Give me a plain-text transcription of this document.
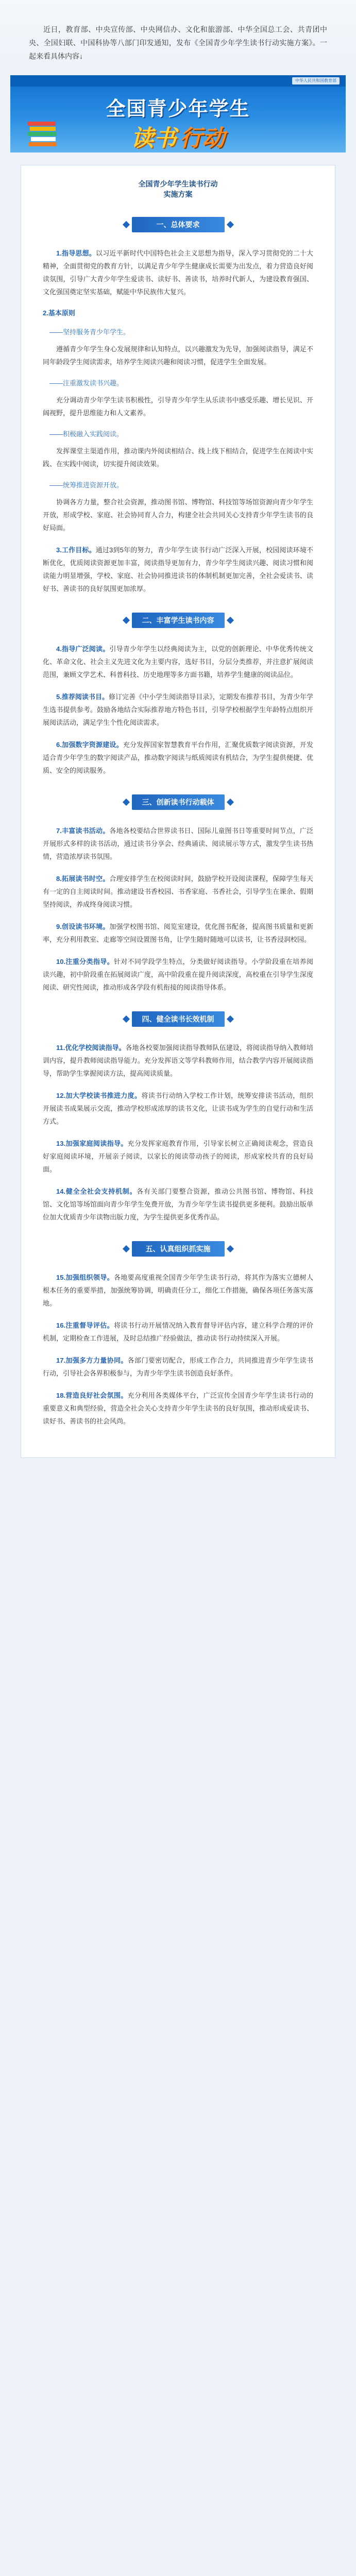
近日，教育部、中央宣传部、中央网信办、文化和旅游部、中华全国总工会、共青团中央、全国妇联、中国科协等八部门印发通知，发布《全国青少年学生读书行动实施方案》。一起来看具体内容↓

中华人民共和国教育部
全国青少年学生
读书 行动
全国青少年学生读书行动
实施方案
一、总体要求

1.指导思想。以习近平新时代中国特色社会主义思想为指导，深入学习贯彻党的二十大精神，全面贯彻党的教育方针，以满足青少年学生健康成长需要为出发点，着力营造良好阅读氛围，引导广大青少年学生爱读书、读好书、善读书，培养时代新人，为建设教育强国、文化强国奠定坚实基础，赋能中华民族伟大复兴。

2.基本原则
——坚持服务青少年学生。

遵循青少年学生身心发展规律和认知特点，以兴趣激发为先导，加强阅读指导，满足不同年龄段学生阅读需求，培养学生阅读兴趣和阅读习惯，促进学生全面发展。

——注重激发读书兴趣。

充分调动青少年学生读书积极性，引导青少年学生从乐读书中感受乐趣、增长见识、开阔视野，提升思维能力和人文素养。

——积极融入实践阅读。

发挥课堂主渠道作用，推动课内外阅读相结合、线上线下相结合，促进学生在阅读中实践、在实践中阅读，切实提升阅读效果。

——统筹推进资源开放。

协调各方力量，整合社会资源，推动图书馆、博物馆、科技馆等场馆资源向青少年学生开放，形成学校、家庭、社会协同育人合力，构建全社会共同关心支持青少年学生读书的良好局面。

3.工作目标。通过3到5年的努力，青少年学生读书行动广泛深入开展，校园阅读环境不断优化，优质阅读资源更加丰富，阅读指导更加有力，青少年学生阅读兴趣、阅读习惯和阅读能力明显增强，学校、家庭、社会协同推进读书的体制机制更加完善，全社会爱读书、读好书、善读书的良好氛围更加浓厚。

二、丰富学生读书内容

4.指导广泛阅读。引导青少年学生以经典阅读为主，以党的创新理论、中华优秀传统文化、革命文化、社会主义先进文化为主要内容，选好书目，分层分类推荐，并注意扩展阅读范围，兼顾文学艺术、科普科技、历史地理等多方面书籍，培养学生健康的阅读品位。

5.推荐阅读书目。修订完善《中小学生阅读指导目录》，定期发布推荐书目，为青少年学生选书提供参考。鼓励各地结合实际推荐地方特色书目，引导学校根据学生年龄特点组织开展阅读活动，满足学生个性化阅读需求。

6.加强数字资源建设。充分发挥国家智慧教育平台作用，汇聚优质数字阅读资源，开发适合青少年学生的数字阅读产品，推动数字阅读与纸质阅读有机结合，为学生提供便捷、优质、安全的阅读服务。

三、创新读书行动载体

7.丰富读书活动。各地各校要结合世界读书日、国际儿童图书日等重要时间节点，广泛开展形式多样的读书活动，通过读书分享会、经典诵读、阅读展示等方式，激发学生读书热情，营造浓厚读书氛围。

8.拓展读书时空。合理安排学生在校阅读时间，鼓励学校开设阅读课程，保障学生每天有一定的自主阅读时间。推动建设书香校园、书香家庭、书香社会，引导学生在课余、假期坚持阅读，养成终身阅读习惯。

9.创设读书环境。加强学校图书馆、阅览室建设，优化图书配备，提高图书质量和更新率，充分利用教室、走廊等空间设置图书角，让学生随时随地可以读书，让书香浸润校园。

10.注重分类指导。针对不同学段学生特点，分类做好阅读指导。小学阶段重在培养阅读兴趣，初中阶段重在拓展阅读广度，高中阶段重在提升阅读深度，高校重在引导学生深度阅读、研究性阅读，推动形成各学段有机衔接的阅读指导体系。

四、健全读书长效机制

11.优化学校阅读指导。各地各校要加强阅读指导教师队伍建设，将阅读指导纳入教师培训内容，提升教师阅读指导能力。充分发挥语文等学科教师作用，结合教学内容开展阅读指导，帮助学生掌握阅读方法，提高阅读质量。

12.加大学校读书推进力度。将读书行动纳入学校工作计划，统筹安排读书活动，组织开展读书成果展示交流，推动学校形成浓厚的读书文化，让读书成为学生的自觉行动和生活方式。

13.加强家庭阅读指导。充分发挥家庭教育作用，引导家长树立正确阅读观念，营造良好家庭阅读环境，开展亲子阅读，以家长的阅读带动孩子的阅读，形成家校共育的良好局面。

14.健全全社会支持机制。各有关部门要整合资源，推动公共图书馆、博物馆、科技馆、文化馆等场馆面向青少年学生免费开放，为青少年学生读书提供更多便利。鼓励出版单位加大优质青少年读物出版力度，为学生提供更多优秀作品。

五、认真组织抓实施

15.加强组织领导。各地要高度重视全国青少年学生读书行动，将其作为落实立德树人根本任务的重要举措，加强统筹协调，明确责任分工，细化工作措施，确保各项任务落实落地。

16.注重督导评估。将读书行动开展情况纳入教育督导评估内容，建立科学合理的评价机制，定期检查工作进展，及时总结推广经验做法，推动读书行动持续深入开展。

17.加强多方力量协同。各部门要密切配合，形成工作合力，共同推进青少年学生读书行动，引导社会各界积极参与，为青少年学生读书创造良好条件。

18.营造良好社会氛围。充分利用各类媒体平台，广泛宣传全国青少年学生读书行动的重要意义和典型经验，营造全社会关心支持青少年学生读书的良好氛围，推动形成爱读书、读好书、善读书的社会风尚。
